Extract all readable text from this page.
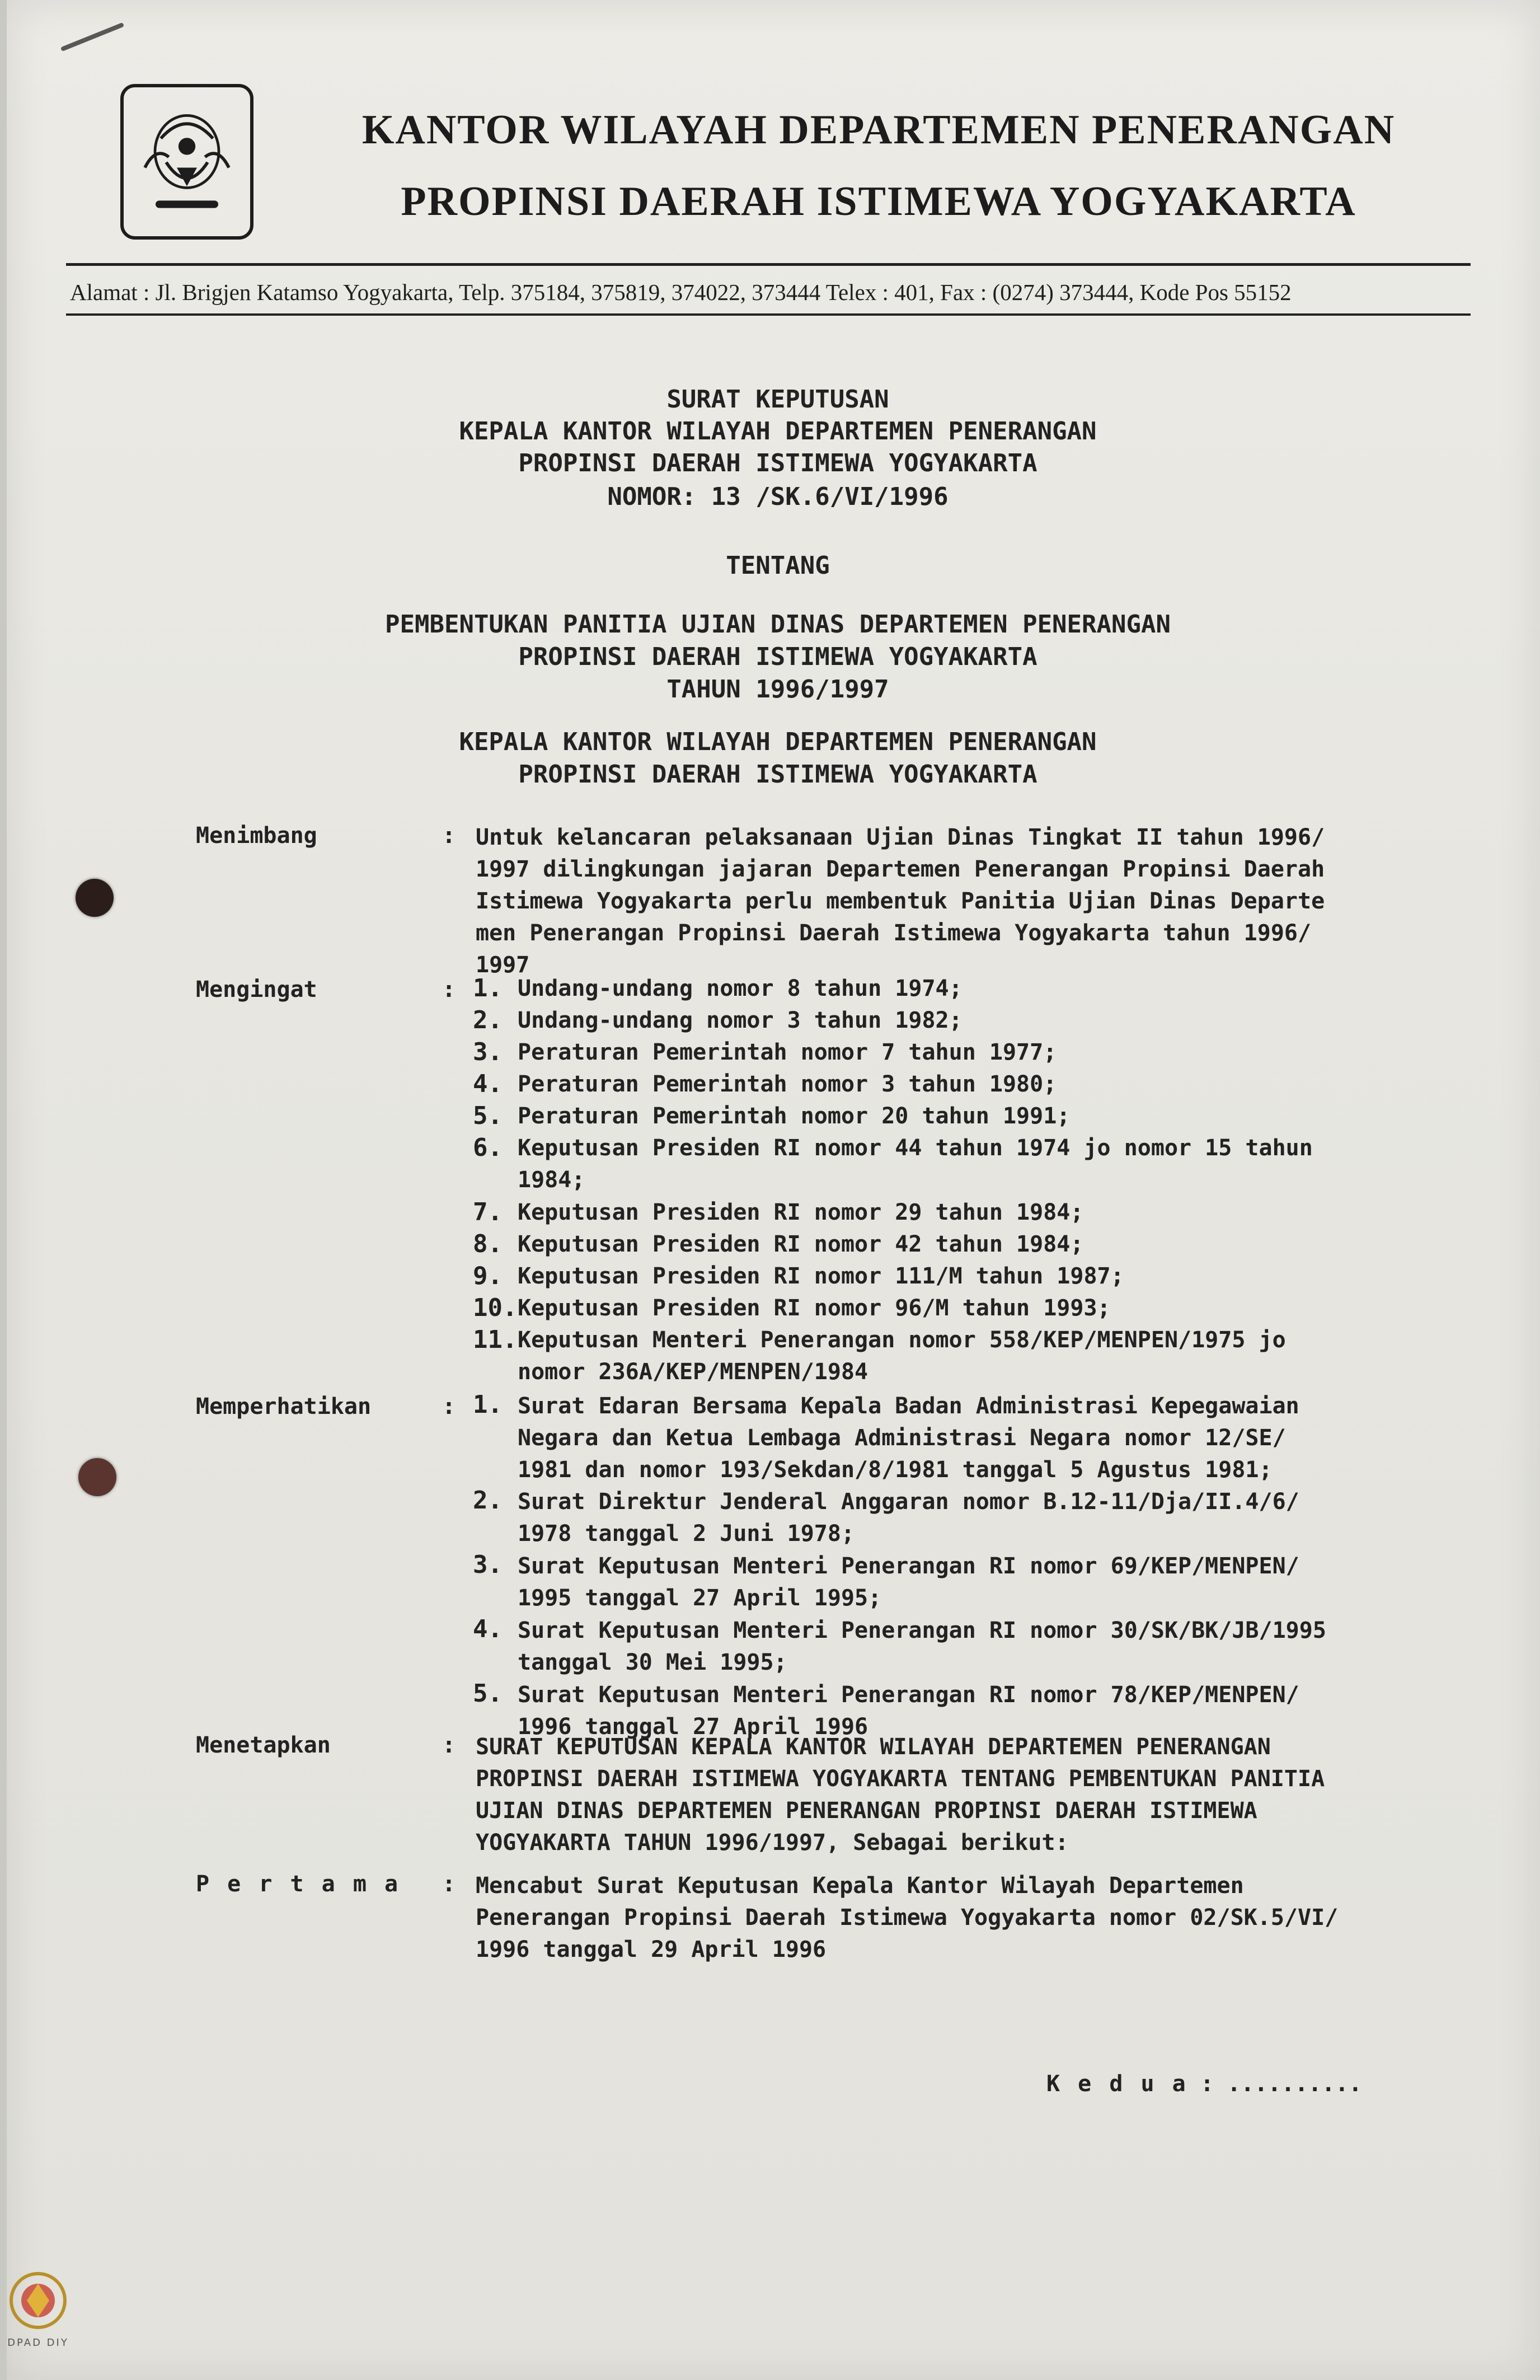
KANTOR WILAYAH DEPARTEMEN PENERANGAN
PROPINSI DAERAH ISTIMEWA YOGYAKARTA
Alamat : Jl. Brigjen Katamso Yogyakarta, Telp. 375184, 375819, 374022, 373444 Telex : 401, Fax : (0274) 373444, Kode Pos 55152
SURAT KEPUTUSAN
KEPALA KANTOR WILAYAH DEPARTEMEN PENERANGAN
PROPINSI DAERAH ISTIMEWA YOGYAKARTA
NOMOR: 13 /SK.6/VI/1996
TENTANG
PEMBENTUKAN PANITIA UJIAN DINAS DEPARTEMEN PENERANGAN
PROPINSI DAERAH ISTIMEWA YOGYAKARTA
TAHUN 1996/1997
KEPALA KANTOR WILAYAH DEPARTEMEN PENERANGAN
PROPINSI DAERAH ISTIMEWA YOGYAKARTA
Menimbang	: Untuk kelancaran pelaksanaan Ujian Dinas Tingkat II tahun 1996/
1997 dilingkungan jajaran Departemen Penerangan Propinsi Daerah
Istimewa Yogyakarta perlu membentuk Panitia Ujian Dinas Departe
men Penerangan Propinsi Daerah Istimewa Yogyakarta tahun 1996/
1997
Mengingat	: 1. Undang-undang nomor 8 tahun 1974;
2. Undang-undang nomor 3 tahun 1982;
3. Peraturan Pemerintah nomor 7 tahun 1977;
4. Peraturan Pemerintah nomor 3 tahun 1980;
5. Peraturan Pemerintah nomor 20 tahun 1991;
6. Keputusan Presiden RI nomor 44 tahun 1974 jo nomor 15 tahun
1984;
7. Keputusan Presiden RI nomor 29 tahun 1984;
8. Keputusan Presiden RI nomor 42 tahun 1984;
9. Keputusan Presiden RI nomor 111/M tahun 1987;
10. Keputusan Presiden RI nomor 96/M tahun 1993;
11. Keputusan Menteri Penerangan nomor 558/KEP/MENPEN/1975 jo
nomor 236A/KEP/MENPEN/1984
Memperhatikan	: 1. Surat Edaran Bersama Kepala Badan Administrasi Kepegawaian
Negara dan Ketua Lembaga Administrasi Negara nomor 12/SE/
1981 dan nomor 193/Sekdan/8/1981 tanggal 5 Agustus 1981;
2. Surat Direktur Jenderal Anggaran nomor B.12-11/Dja/II.4/6/
1978 tanggal 2 Juni 1978;
3. Surat Keputusan Menteri Penerangan RI nomor 69/KEP/MENPEN/
1995 tanggal 27 April 1995;
4. Surat Keputusan Menteri Penerangan RI nomor 30/SK/BK/JB/1995
tanggal 30 Mei 1995;
5. Surat Keputusan Menteri Penerangan RI nomor 78/KEP/MENPEN/
1996 tanggal 27 April 1996
Menetapkan	: SURAT KEPUTUSAN KEPALA KANTOR WILAYAH DEPARTEMEN PENERANGAN
PROPINSI DAERAH ISTIMEWA YOGYAKARTA TENTANG PEMBENTUKAN PANITIA
UJIAN DINAS DEPARTEMEN PENERANGAN PROPINSI DAERAH ISTIMEWA
YOGYAKARTA TAHUN 1996/1997, Sebagai berikut:
P e r t a m a : Mencabut Surat Keputusan Kepala Kantor Wilayah Departemen
Penerangan Propinsi Daerah Istimewa Yogyakarta nomor 02/SK.5/VI/
1996 tanggal 29 April 1996
K e d u a : ..........
DPAD DIY
